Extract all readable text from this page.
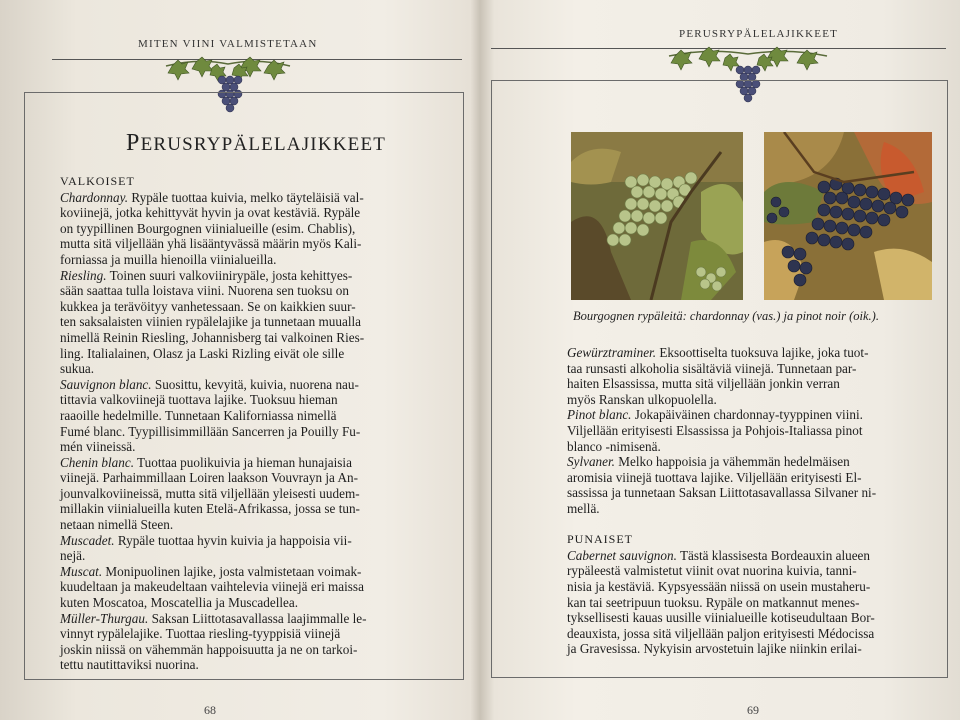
MITEN VIINI VALMISTETAAN
PERUSRYPÄLELAJIKKEET

VALKOISET

Chardonnay. Rypäle tuottaa kuivia, melko täyteläisiä val-

koviinejä, jotka kehittyvät hyvin ja ovat kestäviä. Rypäle

on tyypillinen Bourgognen viinialueille (esim. Chablis),

mutta sitä viljellään yhä lisääntyvässä määrin myös Kali-

forniassa ja muilla hienoilla viinialueilla.

Riesling. Toinen suuri valkoviinirypäle, josta kehittyes-

sään saattaa tulla loistava viini. Nuorena sen tuoksu on

kukkea ja terävöityy vanhetessaan. Se on kaikkien suur-

ten saksalaisten viinien rypälelajike ja tunnetaan muualla

nimellä Reinin Riesling, Johannisberg tai valkoinen Ries-

ling. Italialainen, Olasz ja Laski Rizling eivät ole sille

sukua.

Sauvignon blanc. Suosittu, kevyitä, kuivia, nuorena nau-

tittavia valkoviinejä tuottava lajike. Tuoksuu hieman

raaoille hedelmille. Tunnetaan Kaliforniassa nimellä

Fumé blanc. Tyypillisimmillään Sancerren ja Pouilly Fu-

mén viineissä.

Chenin blanc. Tuottaa puolikuivia ja hieman hunajaisia

viinejä. Parhaimmillaan Loiren laakson Vouvrayn ja An-

jounvalkoviineissä, mutta sitä viljellään yleisesti uudem-

millakin viinialueilla kuten Etelä-Afrikassa, jossa se tun-

netaan nimellä Steen.

Muscadet. Rypäle tuottaa hyvin kuivia ja happoisia vii-

nejä.

Muscat. Monipuolinen lajike, josta valmistetaan voimak-

kuudeltaan ja makeudeltaan vaihtelevia viinejä eri maissa

kuten Moscatoa, Moscatellia ja Muscadellea.

Müller-Thurgau. Saksan Liittotasavallassa laajimmalle le-

vinnyt rypälelajike. Tuottaa riesling-tyyppisiä viinejä

joskin niissä on vähemmän happoisuutta ja ne on tarkoi-

tettu nautittaviksi nuorina.

68
PERUSRYPÄLELAJIKKEET
Bourgognen rypäleitä: chardonnay (vas.) ja pinot noir (oik.).

Gewürztraminer. Eksoottiselta tuoksuva lajike, joka tuot-

taa runsasti alkoholia sisältäviä viinejä. Tunnetaan par-

haiten Elsassissa, mutta sitä viljellään jonkin verran

myös Ranskan ulkopuolella.

Pinot blanc. Jokapäiväinen chardonnay-tyyppinen viini.

Viljellään erityisesti Elsassissa ja Pohjois-Italiassa pinot

blanco -nimisenä.

Sylvaner. Melko happoisia ja vähemmän hedelmäisen

aromisia viinejä tuottava lajike. Viljellään erityisesti El-

sassissa ja tunnetaan Saksan Liittotasavallassa Silvaner ni-

mellä.

PUNAISET

Cabernet sauvignon. Tästä klassisesta Bordeauxin alueen

rypäleestä valmistetut viinit ovat nuorina kuivia, tanni-

nisia ja kestäviä. Kypsyessään niissä on usein mustaheru-

kan tai seetripuun tuoksu. Rypäle on matkannut menes-

tyksellisesti kauas uusille viinialueille kotiseudultaan Bor-

deauxista, jossa sitä viljellään paljon erityisesti Médocissa

ja Gravesissa. Nykyisin arvostetuin lajike niinkin erilai-

69
